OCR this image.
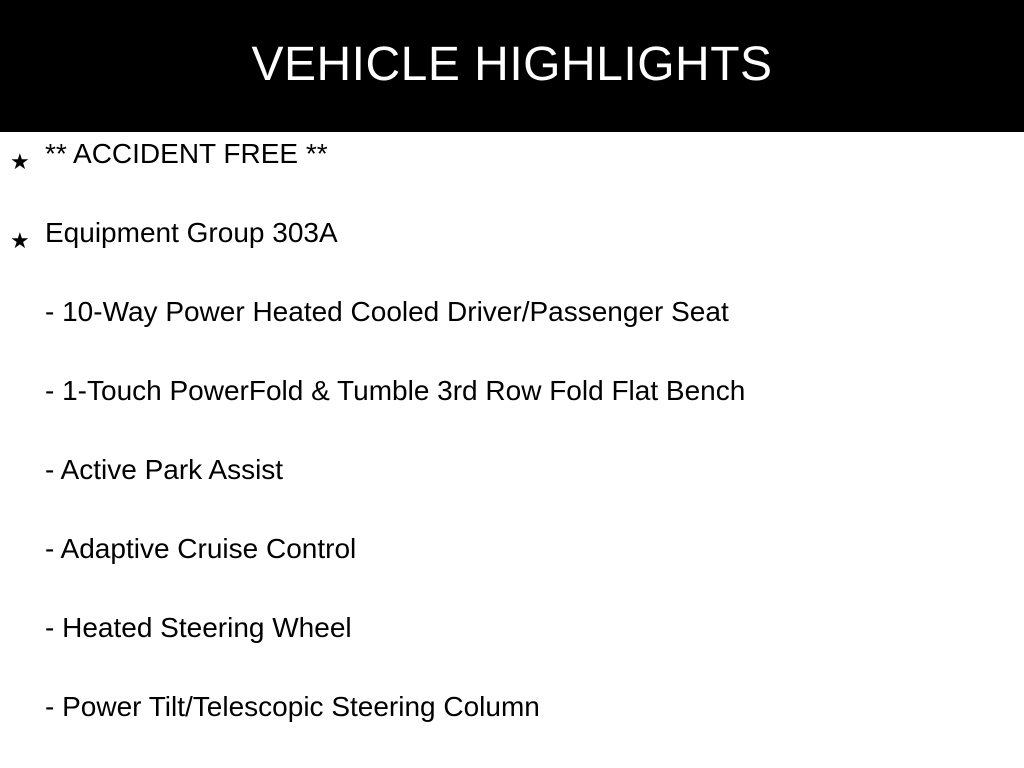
VEHICLE HIGHLIGHTS
★ ** ACCIDENT FREE **
★ Equipment Group 303A
- 10-Way Power Heated Cooled Driver/Passenger Seat
- 1-Touch PowerFold & Tumble 3rd Row Fold Flat Bench
- Active Park Assist
- Adaptive Cruise Control
- Heated Steering Wheel
- Power Tilt/Telescopic Steering Column
